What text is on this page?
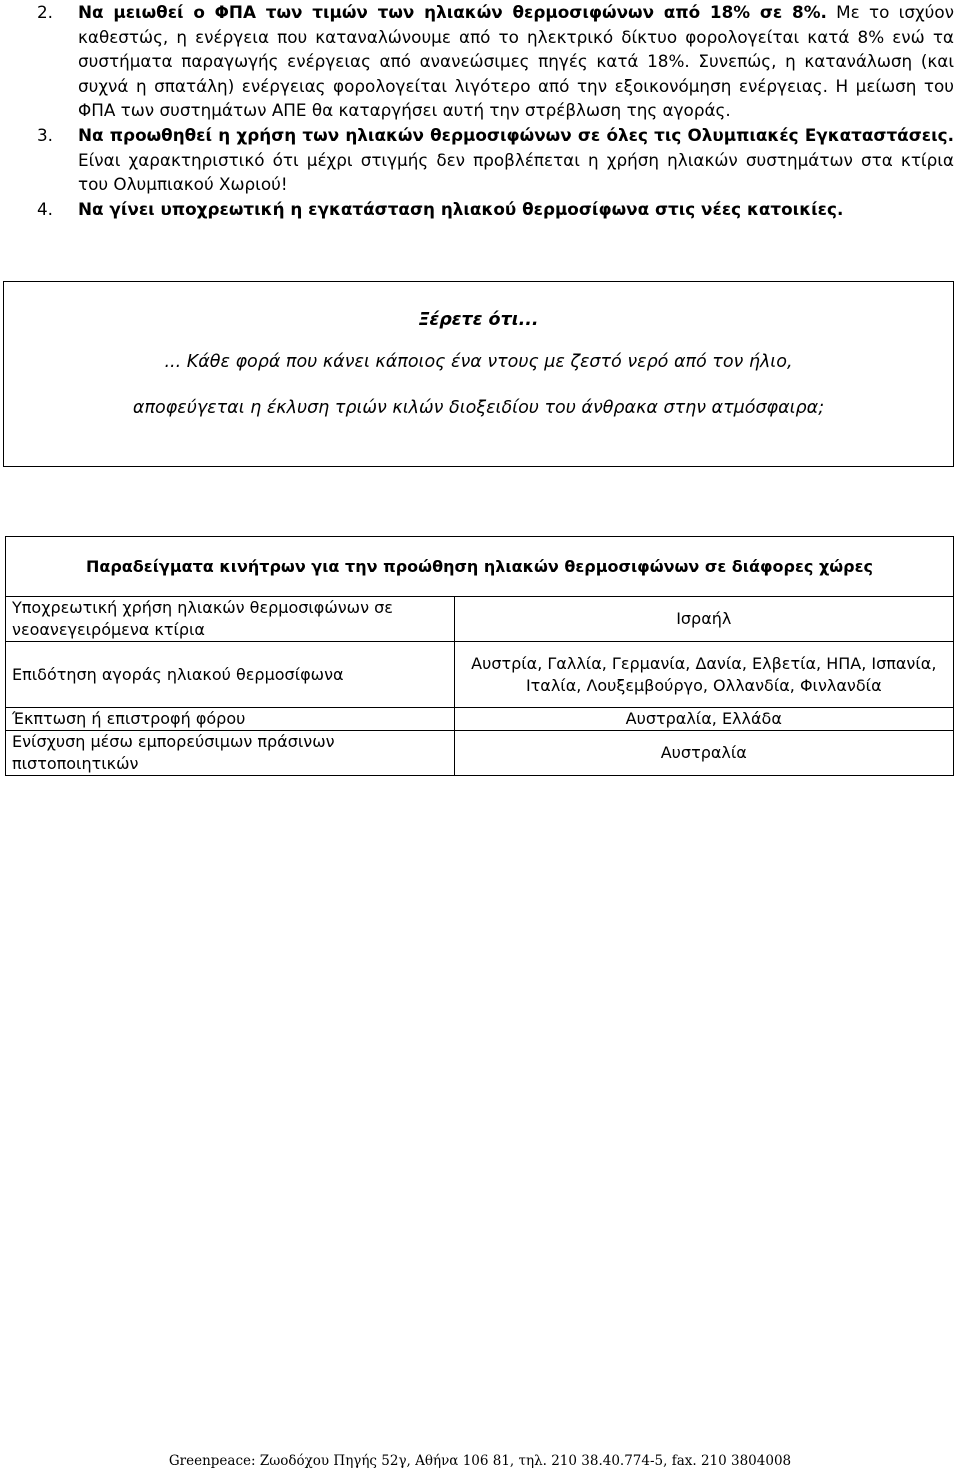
2. Να μειωθεί ο ΦΠΑ των τιμών των ηλιακών θερμοσιφώνων από 18% σε 8%. Με το ισχύον καθεστώς, η ενέργεια που καταναλώνουμε από το ηλεκτρικό δίκτυο φορολογείται κατά 8% ενώ τα συστήματα παραγωγής ενέργειας από ανανεώσιμες πηγές κατά 18%. Συνεπώς, η κατανάλωση (και συχνά η σπατάλη) ενέργειας φορολογείται λιγότερο από την εξοικονόμηση ενέργειας. Η μείωση του ΦΠΑ των συστημάτων ΑΠΕ θα καταργήσει αυτή την στρέβλωση της αγοράς.
3. Να προωθηθεί η χρήση των ηλιακών θερμοσιφώνων σε όλες τις Ολυμπιακές Εγκαταστάσεις. Είναι χαρακτηριστικό ότι μέχρι στιγμής δεν προβλέπεται η χρήση ηλιακών συστημάτων στα κτίρια του Ολυμπιακού Χωριού!
4. Να γίνει υποχρεωτική η εγκατάσταση ηλιακού θερμοσίφωνα στις νέες κατοικίες.
Ξέρετε ότι...
... Κάθε φορά που κάνει κάποιος ένα ντους με ζεστό νερό από τον ήλιο,
αποφεύγεται η έκλυση τριών κιλών διοξειδίου του άνθρακα στην ατμόσφαιρα;
Παραδείγματα κινήτρων για την προώθηση ηλιακών θερμοσιφώνων σε διάφορες χώρες	
Υποχρεωτική χρήση ηλιακών θερμοσιφώνων σε νεοανεγειρόμενα κτίρια	Ισραήλ
Επιδότηση αγοράς ηλιακού θερμοσίφωνα	Αυστρία, Γαλλία, Γερμανία, Δανία, Ελβετία, ΗΠΑ, Ισπανία, Ιταλία, Λουξεμβούργο, Ολλανδία, Φινλανδία
Έκπτωση ή επιστροφή φόρου	Αυστραλία, Ελλάδα
Ενίσχυση μέσω εμπορεύσιμων πράσινων πιστοποιητικών	Αυστραλία
Greenpeace: Ζωοδόχου Πηγής 52γ, Αθήνα 106 81, τηλ. 210 38.40.774-5, fax. 210 3804008
